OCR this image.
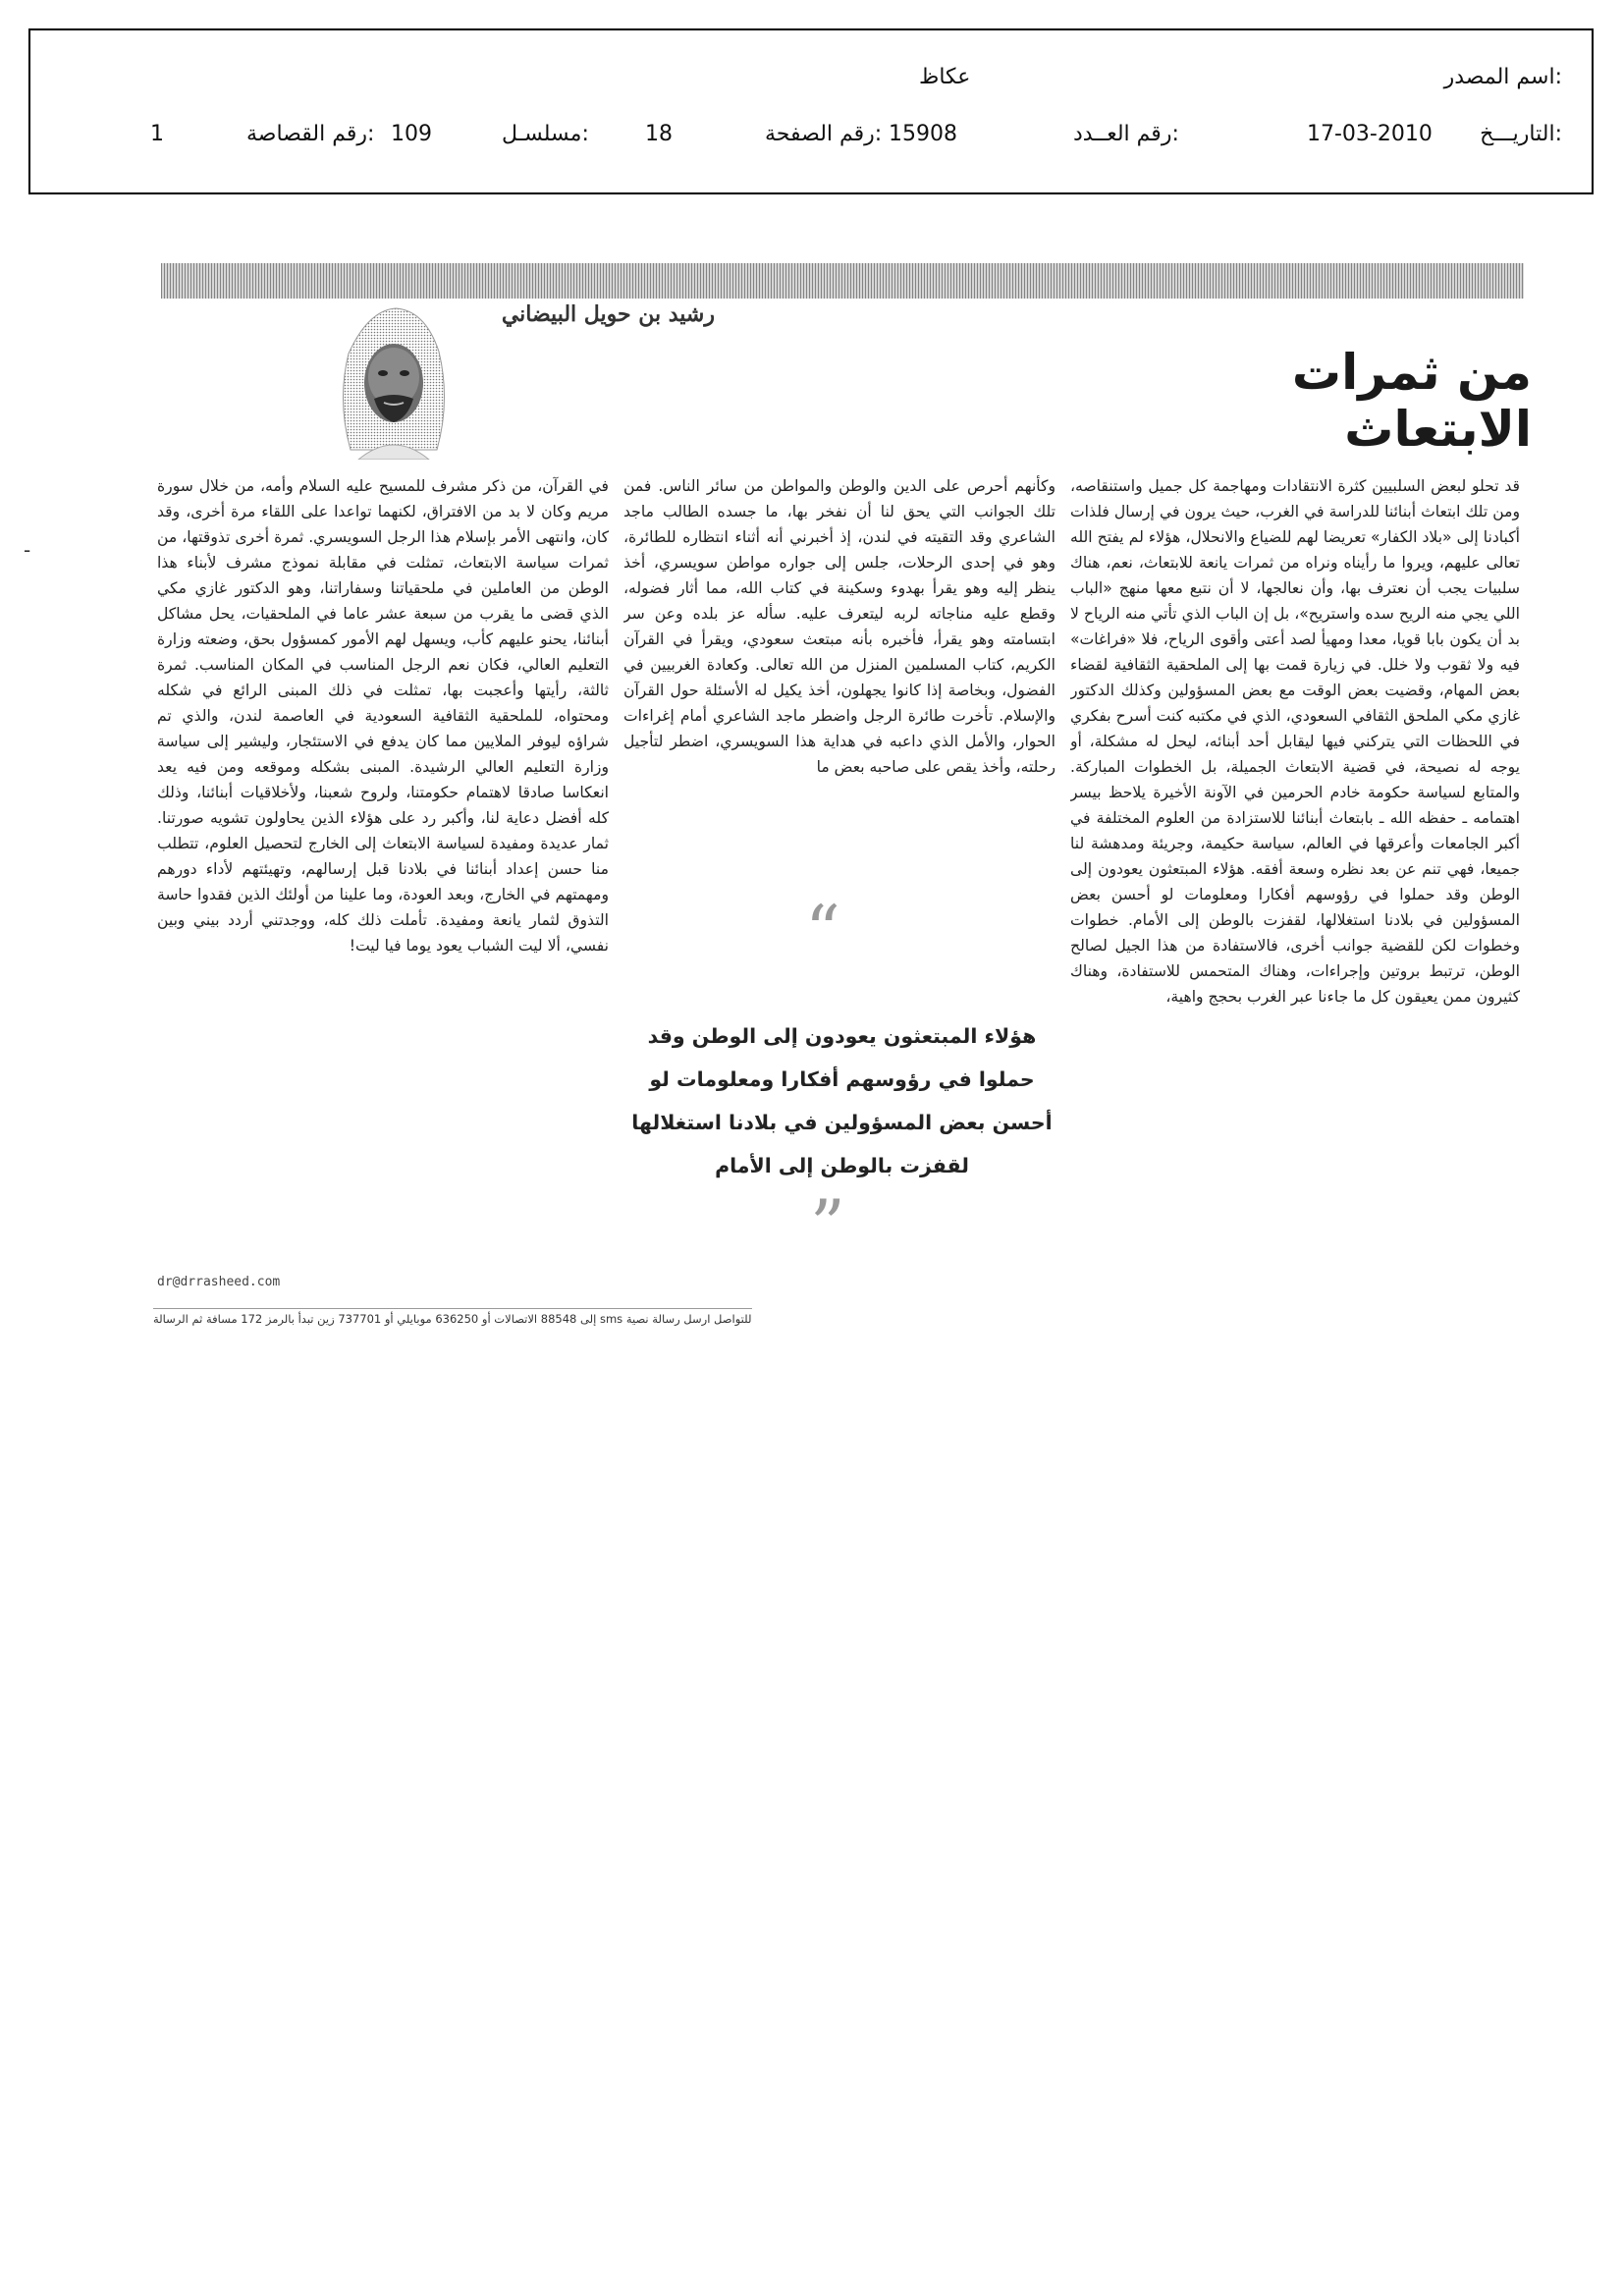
اسم المصدر:
عكاظ
التاريـــخ:
17-03-2010
رقم العــدد:
15908
رقم الصفحة:
18
مسلسـل:
109
رقم القصاصة:
1
-
رشيد بن حويل البيضاني
من ثمرات الابتعاث

قد تحلو لبعض السلبيين كثرة الانتقادات ومهاجمة كل جميل واستنقاصه، ومن تلك ابتعاث أبنائنا للدراسة في الغرب، حيث يرون في إرسال فلذات أكبادنا إلى «بلاد الكفار» تعريضا لهم للضياع والانحلال، هؤلاء لم يفتح الله تعالى عليهم، ويروا ما رأيناه ونراه من ثمرات يانعة للابتعاث، نعم، هناك سلبيات يجب أن نعترف بها، وأن نعالجها، لا أن نتبع معها منهج «الباب اللي يجي منه الريح سده واستريح»، بل إن الباب الذي تأتي منه الرياح لا بد أن يكون بابا قويا، معدا ومهيأ لصد أعتى وأقوى الرياح، فلا «فراغات» فيه ولا ثقوب ولا خلل. في زيارة قمت بها إلى الملحقية الثقافية لقضاء بعض المهام، وقضيت بعض الوقت مع بعض المسؤولين وكذلك الدكتور غازي مكي الملحق الثقافي السعودي، الذي في مكتبه كنت أسرح بفكري في اللحظات التي يتركني فيها ليقابل أحد أبنائه، ليحل له مشكلة، أو يوجه له نصيحة، في قضية الابتعاث الجميلة، بل الخطوات المباركة. والمتابع لسياسة حكومة خادم الحرمين في الآونة الأخيرة يلاحظ بيسر اهتمامه ـ حفظه الله ـ بابتعاث أبنائنا للاستزادة من العلوم المختلفة في أكبر الجامعات وأعرقها في العالم، سياسة حكيمة، وجريئة ومدهشة لنا جميعا، فهي تنم عن بعد نظره وسعة أفقه. هؤلاء المبتعثون يعودون إلى الوطن وقد حملوا في رؤوسهم أفكارا ومعلومات لو أحسن بعض المسؤولين في بلادنا استغلالها، لقفزت بالوطن إلى الأمام. خطوات وخطوات لكن للقضية جوانب أخرى، فالاستفادة من هذا الجيل لصالح الوطن، ترتبط بروتين وإجراءات، وهناك المتحمس للاستفادة، وهناك كثيرون ممن يعيقون كل ما جاءنا عبر الغرب بحجج واهية،

وكأنهم أحرص على الدين والوطن والمواطن من سائر الناس. فمن تلك الجوانب التي يحق لنا أن نفخر بها، ما جسده الطالب ماجد الشاعري وقد التقيته في لندن، إذ أخبرني أنه أثناء انتظاره للطائرة، وهو في إحدى الرحلات، جلس إلى جواره مواطن سويسري، أخذ ينظر إليه وهو يقرأ بهدوء وسكينة في كتاب الله، مما أثار فضوله، وقطع عليه مناجاته لربه ليتعرف عليه. سأله عز بلده وعن سر ابتسامته وهو يقرأ، فأخبره بأنه مبتعث سعودي، ويقرأ في القرآن الكريم، كتاب المسلمين المنزل من الله تعالى. وكعادة الغربيين في الفضول، وبخاصة إذا كانوا يجهلون، أخذ يكيل له الأسئلة حول القرآن والإسلام. تأخرت طائرة الرجل واضطر ماجد الشاعري أمام إغراءات الحوار، والأمل الذي داعبه في هداية هذا السويسري، اضطر لتأجيل رحلته، وأخذ يقص على صاحبه بعض ما

“
هؤلاء المبتعثون يعودون إلى الوطن وقد حملوا في رؤوسهم أفكارا ومعلومات لو أحسن بعض المسؤولين في بلادنا استغلالها لقفزت بالوطن إلى الأمام
”

في القرآن، من ذكر مشرف للمسيح عليه السلام وأمه، من خلال سورة مريم وكان لا بد من الافتراق، لكنهما تواعدا على اللقاء مرة أخرى، وقد كان، وانتهى الأمر بإسلام هذا الرجل السويسري. ثمرة أخرى تذوقتها، من ثمرات سياسة الابتعاث، تمثلت في مقابلة نموذج مشرف لأبناء هذا الوطن من العاملين في ملحقياتنا وسفاراتنا، وهو الدكتور غازي مكي الذي قضى ما يقرب من سبعة عشر عاما في الملحقيات، يحل مشاكل أبنائنا، يحنو عليهم كأب، ويسهل لهم الأمور كمسؤول بحق، وضعته وزارة التعليم العالي، فكان نعم الرجل المناسب في المكان المناسب. ثمرة ثالثة، رأيتها وأعجبت بها، تمثلت في ذلك المبنى الرائع في شكله ومحتواه، للملحقية الثقافية السعودية في العاصمة لندن، والذي تم شراؤه ليوفر الملايين مما كان يدفع في الاستئجار، وليشير إلى سياسة وزارة التعليم العالي الرشيدة. المبنى بشكله وموقعه ومن فيه يعد انعكاسا صادقا لاهتمام حكومتنا، ولروح شعبنا، ولأخلاقيات أبنائنا، وذلك كله أفضل دعاية لنا، وأكبر رد على هؤلاء الذين يحاولون تشويه صورتنا. ثمار عديدة ومفيدة لسياسة الابتعاث إلى الخارج لتحصيل العلوم، تتطلب منا حسن إعداد أبنائنا في بلادنا قبل إرسالهم، وتهيئتهم لأداء دورهم ومهمتهم في الخارج، وبعد العودة، وما علينا من أولئك الذين فقدوا حاسة التذوق لثمار يانعة ومفيدة. تأملت ذلك كله، ووجدتني أردد بيني وبين نفسي، ألا ليت الشباب يعود يوما فيا ليت!

dr@drrasheed.com
للتواصل ارسل رسالة نصية sms إلى 88548 الاتصالات أو 636250 موبايلي أو 737701 زين تبدأ بالرمز 172 مسافة ثم الرسالة
